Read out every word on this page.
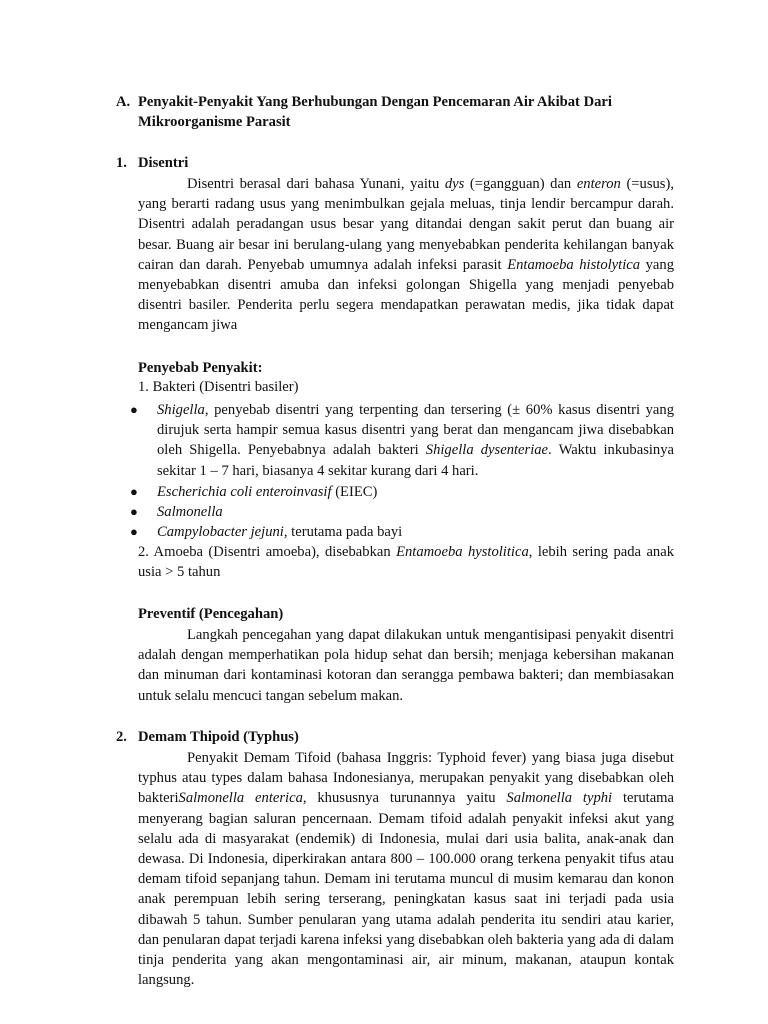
A. Penyakit-Penyakit Yang Berhubungan Dengan Pencemaran Air Akibat Dari Mikroorganisme Parasit
1. Disentri

Disentri berasal dari bahasa Yunani, yaitu dys (=gangguan) dan enteron (=usus), yang berarti radang usus yang menimbulkan gejala meluas, tinja lendir bercampur darah. Disentri adalah peradangan usus besar yang ditandai dengan sakit perut dan buang air besar. Buang air besar ini berulang-ulang yang menyebabkan penderita kehilangan banyak cairan dan darah. Penyebab umumnya adalah infeksi parasit Entamoeba histolytica yang menyebabkan disentri amuba dan infeksi golongan Shigella yang menjadi penyebab disentri basiler. Penderita perlu segera mendapatkan perawatan medis, jika tidak dapat mengancam jiwa

Penyebab Penyakit:
1. Bakteri (Disentri basiler)
● Shigella, penyebab disentri yang terpenting dan tersering (± 60% kasus disentri yang dirujuk serta hampir semua kasus disentri yang berat dan mengancam jiwa disebabkan oleh Shigella. Penyebabnya adalah bakteri Shigella dysenteriae. Waktu inkubasinya sekitar 1 – 7 hari, biasanya 4 sekitar kurang dari 4 hari.

● Escherichia coli enteroinvasif (EIEC)

● Salmonella

● Campylobacter jejuni, terutama pada bayi

2. Amoeba (Disentri amoeba), disebabkan Entamoeba hystolitica, lebih sering pada anak usia > 5 tahun

Preventif (Pencegahan)

Langkah pencegahan yang dapat dilakukan untuk mengantisipasi penyakit disentri adalah dengan memperhatikan pola hidup sehat dan bersih; menjaga kebersihan makanan dan minuman dari kontaminasi kotoran dan serangga pembawa bakteri; dan membiasakan untuk selalu mencuci tangan sebelum makan.

2. Demam Thipoid (Typhus)

Penyakit Demam Tifoid (bahasa Inggris: Typhoid fever) yang biasa juga disebut typhus atau types dalam bahasa Indonesianya, merupakan penyakit yang disebabkan oleh bakteriSalmonella enterica, khususnya turunannya yaitu Salmonella typhi terutama menyerang bagian saluran pencernaan. Demam tifoid adalah penyakit infeksi akut yang selalu ada di masyarakat (endemik) di Indonesia, mulai dari usia balita, anak-anak dan dewasa. Di Indonesia, diperkirakan antara 800 – 100.000 orang terkena penyakit tifus atau demam tifoid sepanjang tahun. Demam ini terutama muncul di musim kemarau dan konon anak perempuan lebih sering terserang, peningkatan kasus saat ini terjadi pada usia dibawah 5 tahun. Sumber penularan yang utama adalah penderita itu sendiri atau karier, dan penularan dapat terjadi karena infeksi yang disebabkan oleh bakteria yang ada di dalam tinja penderita yang akan mengontaminasi air, air minum, makanan, ataupun kontak langsung.
